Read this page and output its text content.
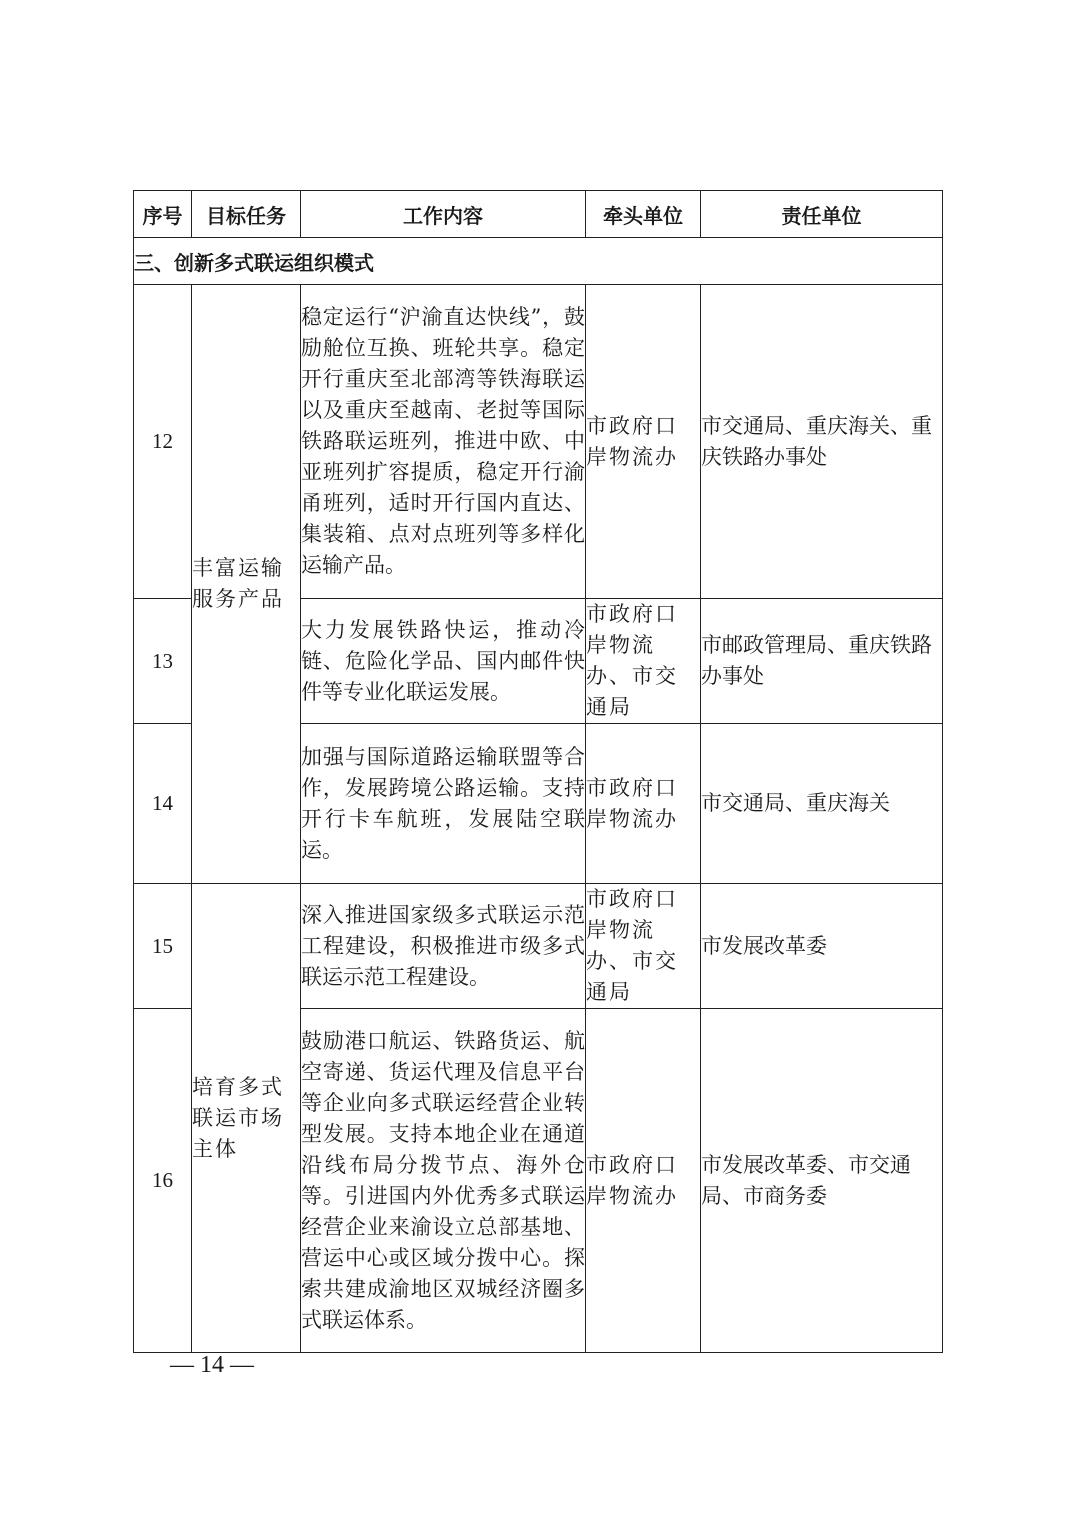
序号	目标任务	工作内容	牵头单位	责任单位
三、创新多式联运组织模式				
12	丰富运输服务产品	稳定运行“沪渝直达快线”，鼓励舱位互换、班轮共享。稳定开行重庆至北部湾等铁海联运以及重庆至越南、老挝等国际铁路联运班列，推进中欧、中亚班列扩容提质，稳定开行渝甬班列，适时开行国内直达、集装箱、点对点班列等多样化运输产品。	市政府口岸物流办	市交通局、重庆海关、重庆铁路办事处
13		大力发展铁路快运，推动冷链、危险化学品、国内邮件快件等专业化联运发展。	市政府口岸物流办、市交通局	市邮政管理局、重庆铁路办事处
14		加强与国际道路运输联盟等合作，发展跨境公路运输。支持开行卡车航班，发展陆空联运。	市政府口岸物流办	市交通局、重庆海关
15	培育多式联运市场主体	深入推进国家级多式联运示范工程建设，积极推进市级多式联运示范工程建设。	市政府口岸物流办、市交通局	市发展改革委
16		鼓励港口航运、铁路货运、航空寄递、货运代理及信息平台等企业向多式联运经营企业转型发展。支持本地企业在通道沿线布局分拨节点、海外仓等。引进国内外优秀多式联运经营企业来渝设立总部基地、营运中心或区域分拨中心。探索共建成渝地区双城经济圈多式联运体系。	市政府口岸物流办	市发展改革委、市交通局、市商务委
— 14 —
